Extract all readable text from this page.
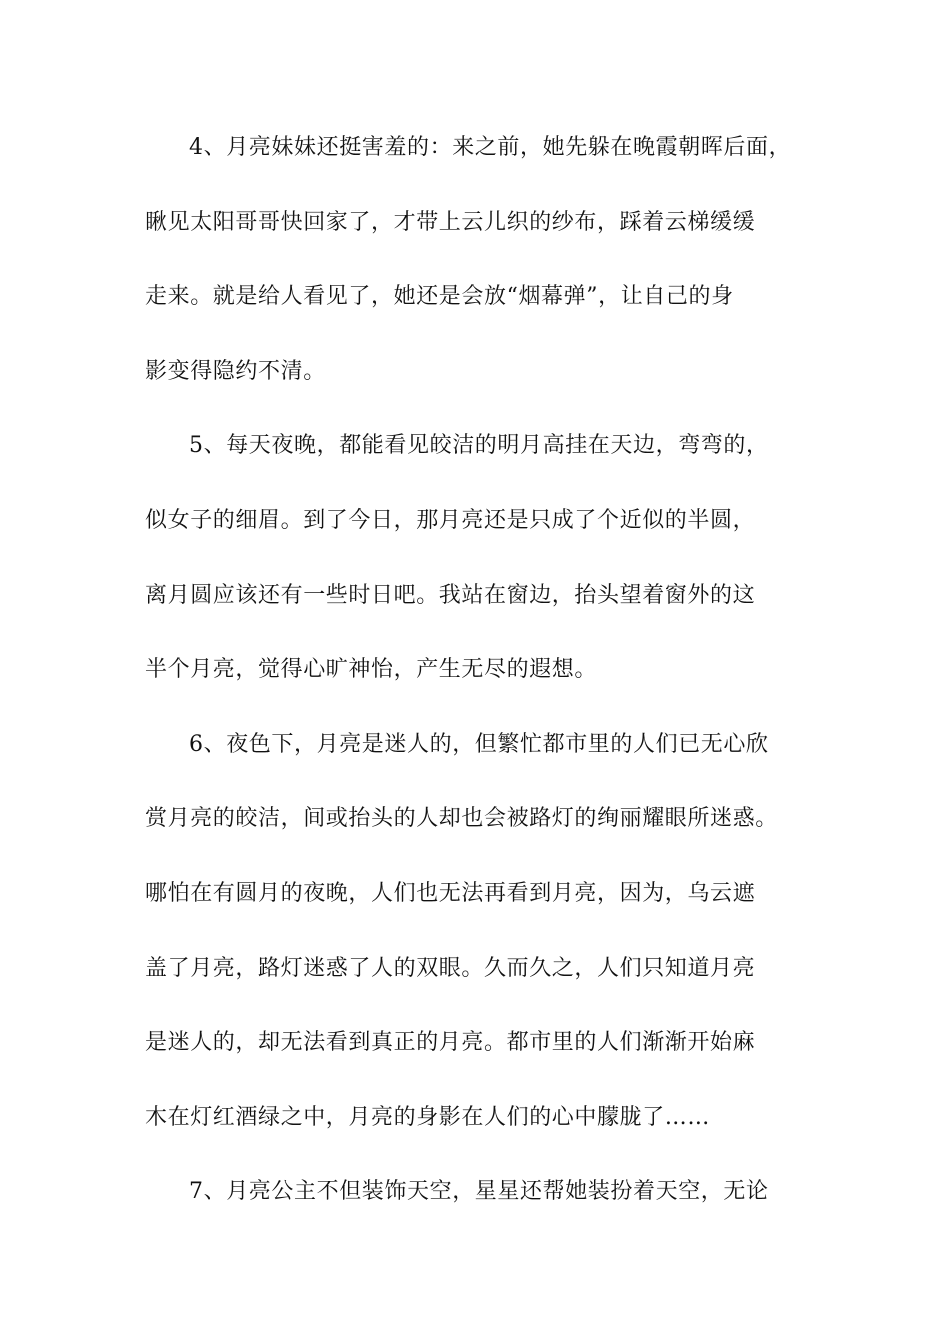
4、月亮妹妹还挺害羞的：来之前，她先躲在晚霞朝晖后面，
瞅见太阳哥哥快回家了，才带上云儿织的纱布，踩着云梯缓缓
走来。就是给人看见了，她还是会放“烟幕弹”，让自己的身
影变得隐约不清。
5、每天夜晚，都能看见皎洁的明月高挂在天边，弯弯的，
似女子的细眉。到了今日，那月亮还是只成了个近似的半圆，
离月圆应该还有一些时日吧。我站在窗边，抬头望着窗外的这
半个月亮，觉得心旷神怡，产生无尽的遐想。
6、夜色下，月亮是迷人的，但繁忙都市里的人们已无心欣
赏月亮的皎洁，间或抬头的人却也会被路灯的绚丽耀眼所迷惑。
哪怕在有圆月的夜晚，人们也无法再看到月亮，因为，乌云遮
盖了月亮，路灯迷惑了人的双眼。久而久之，人们只知道月亮
是迷人的，却无法看到真正的月亮。都市里的人们渐渐开始麻
木在灯红酒绿之中，月亮的身影在人们的心中朦胧了……
7、月亮公主不但装饰天空，星星还帮她装扮着天空，无论
